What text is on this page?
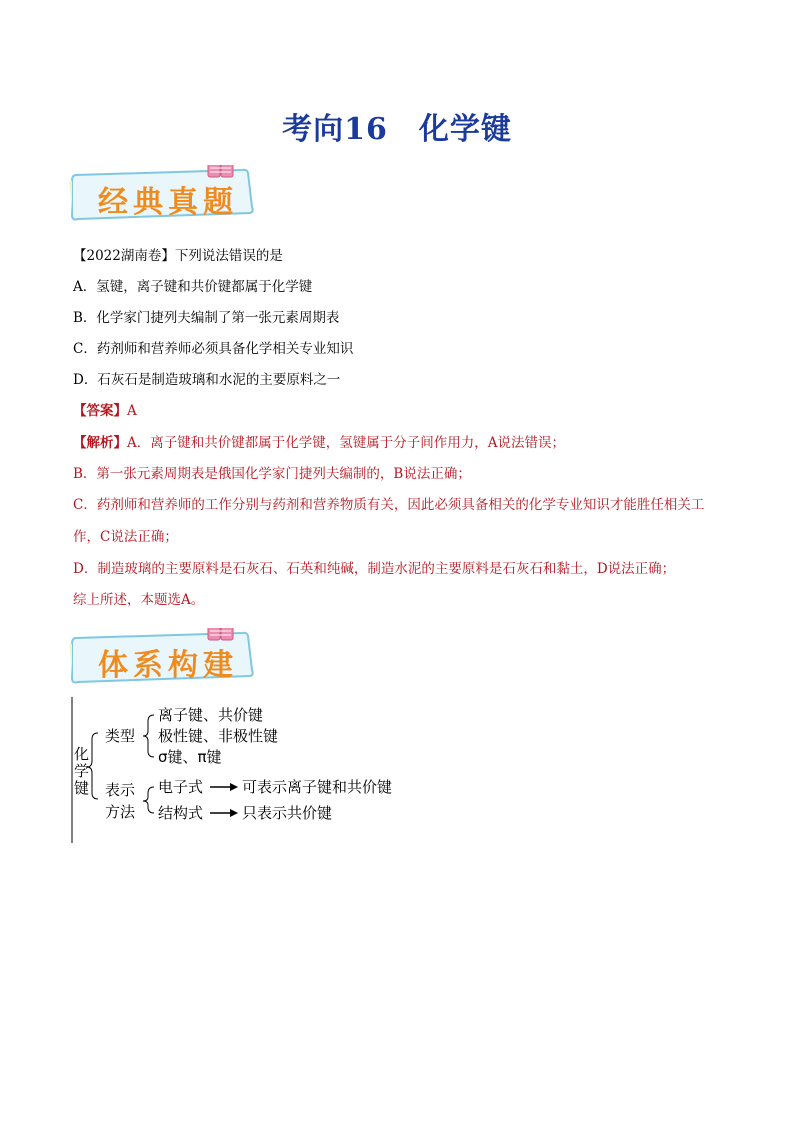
考向16　化学键
经典真题
【2022湖南卷】下列说法错误的是
A．氢键，离子键和共价键都属于化学键
B．化学家门捷列夫编制了第一张元素周期表
C．药剂师和营养师必须具备化学相关专业知识
D．石灰石是制造玻璃和水泥的主要原料之一
【答案】A
【解析】A．离子键和共价键都属于化学键，氢键属于分子间作用力，A说法错误；
B．第一张元素周期表是俄国化学家门捷列夫编制的，B说法正确；
C．药剂师和营养师的工作分别与药剂和营养物质有关，因此必须具备相关的化学专业知识才能胜任相关工
作，C说法正确；
D．制造玻璃的主要原料是石灰石、石英和纯碱，制造水泥的主要原料是石灰石和黏土，D说法正确；
综上所述，本题选A。
体系构建
化
学
键
类型
离子键、共价键
极性键、非极性键
σ键、π键
表示
方法
电子式	可表示离子键和共价键
结构式	只表示共价键
